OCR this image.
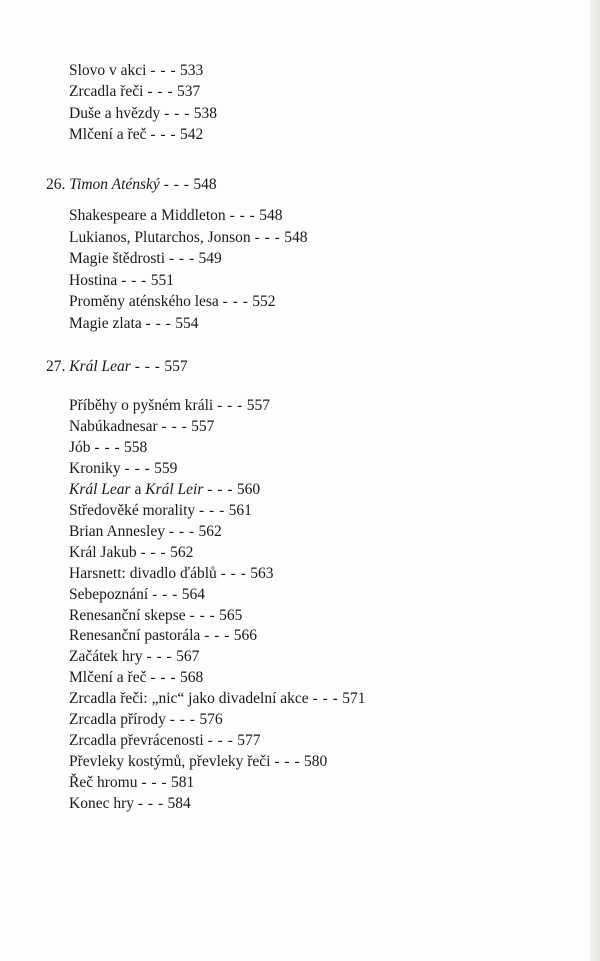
Slovo v akci - - - 533
Zrcadla řeči - - - 537
Duše a hvězdy - - - 538
Mlčení a řeč - - - 542
26. Timon Aténský - - - 548
Shakespeare a Middleton - - - 548
Lukianos, Plutarchos, Jonson - - - 548
Magie štědrosti - - - 549
Hostina - - - 551
Proměny aténského lesa - - - 552
Magie zlata - - - 554
27. Král Lear - - - 557
Příběhy o pyšném králi - - - 557
Nabúkadnesar - - - 557
Jób - - - 558
Kroniky - - - 559
Král Lear a Král Leir - - - 560
Středověké morality - - - 561
Brian Annesley - - - 562
Král Jakub - - - 562
Harsnett: divadlo ďáblů - - - 563
Sebepoznání - - - 564
Renesanční skepse - - - 565
Renesanční pastorála - - - 566
Začátek hry - - - 567
Mlčení a řeč - - - 568
Zrcadla řeči: „nic“ jako divadelní akce - - - 571
Zrcadla přírody - - - 576
Zrcadla převrácenosti - - - 577
Převleky kostýmů, převleky řeči - - - 580
Řeč hromu - - - 581
Konec hry - - - 584
